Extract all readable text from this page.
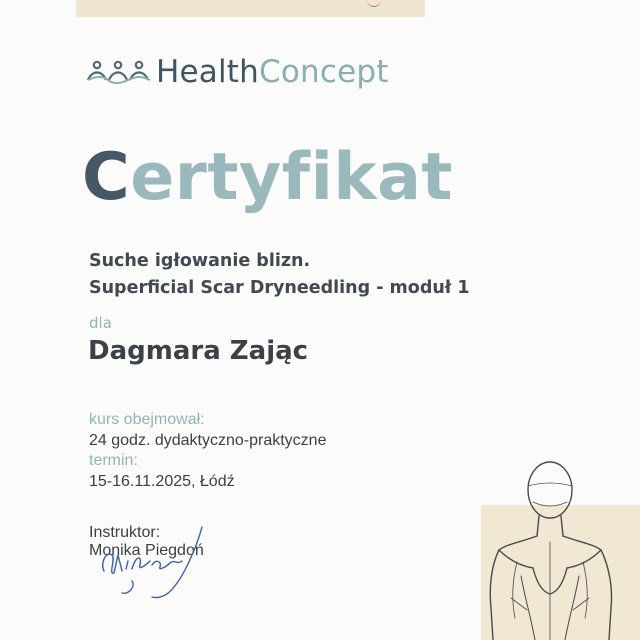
HealthConcept
Certyfikat
Suche igłowanie blizn.
Superficial Scar Dryneedling - moduł 1
dla
Dagmara Zając
kurs obejmował:
24 godz. dydaktyczno-praktyczne
termin:
15-16.11.2025, Łódź
Instruktor:
Monika Piegdoń
